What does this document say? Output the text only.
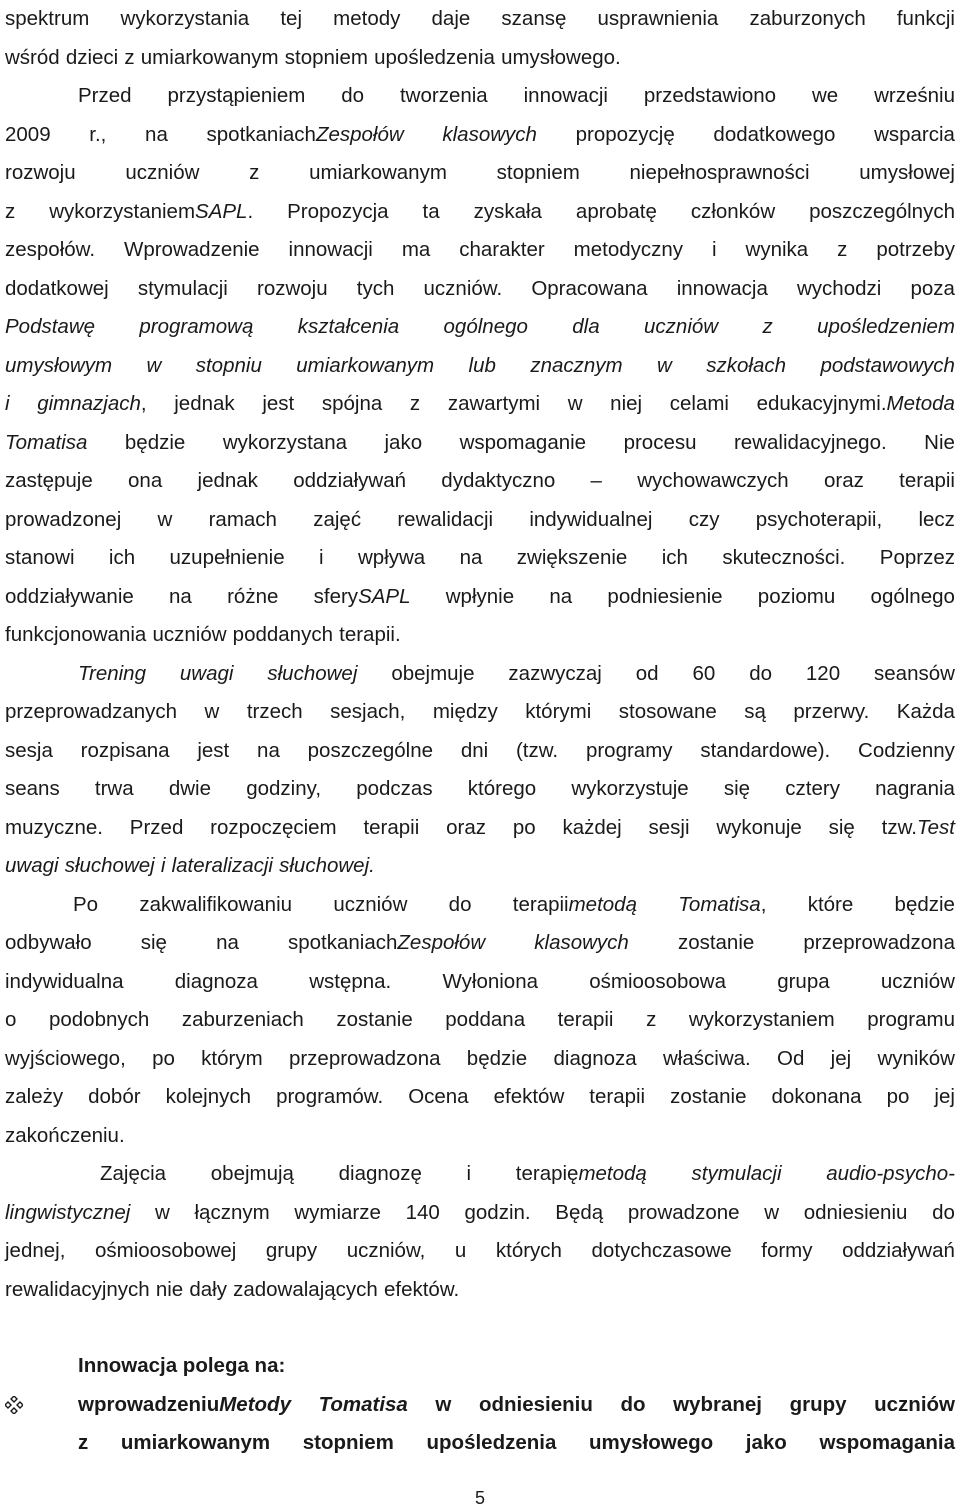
spektrum wykorzystania tej metody daje szansę usprawnienia zaburzonych funkcji
wśród dzieci z umiarkowanym stopniem upośledzenia umysłowego.
Przed przystąpieniem do tworzenia innowacji przedstawiono we wrześniu
2009 r., na spotkaniachZespołów klasowych propozycję dodatkowego wsparcia
rozwoju uczniów z umiarkowanym stopniem niepełnosprawności umysłowej
z wykorzystaniemSAPL. Propozycja ta zyskała aprobatę członków poszczególnych
zespołów. Wprowadzenie innowacji ma charakter metodyczny i wynika z potrzeby
dodatkowej stymulacji rozwoju tych uczniów. Opracowana innowacja wychodzi poza
Podstawę programową kształcenia ogólnego dla uczniów z upośledzeniem
umysłowym w stopniu umiarkowanym lub znacznym w szkołach podstawowych
i gimnazjach, jednak jest spójna z zawartymi w niej celami edukacyjnymi.Metoda
Tomatisa będzie wykorzystana jako wspomaganie procesu rewalidacyjnego. Nie
zastępuje ona jednak oddziaływań dydaktyczno – wychowawczych oraz terapii
prowadzonej w ramach zajęć rewalidacji indywidualnej czy psychoterapii, lecz
stanowi ich uzupełnienie i wpływa na zwiększenie ich skuteczności. Poprzez
oddziaływanie na różne sferySAPL wpłynie na podniesienie poziomu ogólnego
funkcjonowania uczniów poddanych terapii.
Trening uwagi słuchowej obejmuje zazwyczaj od 60 do 120 seansów
przeprowadzanych w trzech sesjach, między którymi stosowane są przerwy. Każda
sesja rozpisana jest na poszczególne dni (tzw. programy standardowe). Codzienny
seans trwa dwie godziny, podczas którego wykorzystuje się cztery nagrania
muzyczne. Przed rozpoczęciem terapii oraz po każdej sesji wykonuje się tzw.Test
uwagi słuchowej i lateralizacji słuchowej.
Po zakwalifikowaniu uczniów do terapiimetodą Tomatisa, które będzie
odbywało się na spotkaniachZespołów klasowych zostanie przeprowadzona
indywidualna diagnoza wstępna. Wyłoniona ośmioosobowa grupa uczniów
o podobnych zaburzeniach zostanie poddana terapii z wykorzystaniem programu
wyjściowego, po którym przeprowadzona będzie diagnoza właściwa. Od jej wyników
zależy dobór kolejnych programów. Ocena efektów terapii zostanie dokonana po jej
zakończeniu.
Zajęcia obejmują diagnozę i terapięmetodą stymulacji audio-psycho-
lingwistycznej w łącznym wymiarze 140 godzin. Będą prowadzone w odniesieniu do
jednej, ośmioosobowej grupy uczniów, u których dotychczasowe formy oddziaływań
rewalidacyjnych nie dały zadowalających efektów.
Innowacja polega na:
wprowadzeniuMetody Tomatisa w odniesieniu do wybranej grupy uczniów
z umiarkowanym stopniem upośledzenia umysłowego jako wspomagania
5
